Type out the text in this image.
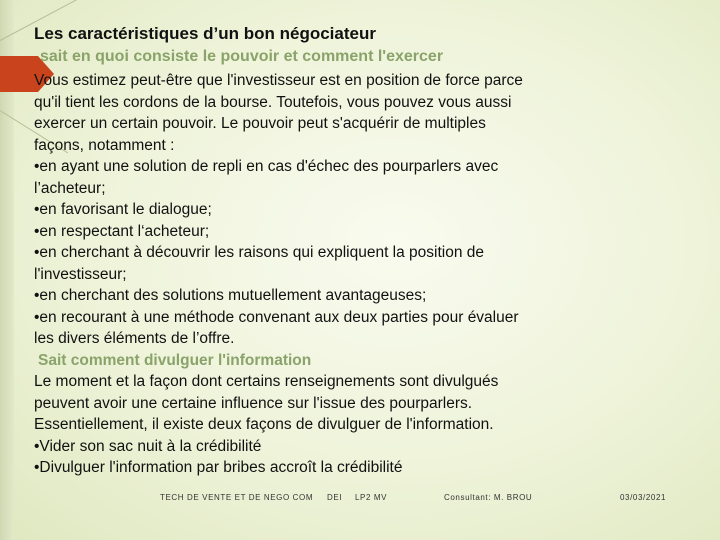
Les caractéristiques d’un bon négociateur
sait en quoi consiste le pouvoir et comment l'exercer
Vous estimez peut-être que l'investisseur est en position de force parce
qu'il tient les cordons de la bourse. Toutefois, vous pouvez vous aussi
exercer un certain pouvoir. Le pouvoir peut s'acquérir de multiples
façons, notamment :
•en ayant une solution de repli en cas d'échec des pourparlers avec
l’acheteur;
•en favorisant le dialogue;
•en respectant l‘acheteur;
•en cherchant à découvrir les raisons qui expliquent la position de
l'investisseur;
•en cherchant des solutions mutuellement avantageuses;
•en recourant à une méthode convenant aux deux parties pour évaluer
les divers éléments de l’offre.
Sait comment divulguer l'information
Le moment et la façon dont certains renseignements sont divulgués
peuvent avoir une certaine influence sur l'issue des pourparlers.
Essentiellement, il existe deux façons de divulguer de l'information.
•Vider son sac nuit à la crédibilité
•Divulguer l'information par bribes accroît la crédibilité
TECH DE VENTE ET DE NEGO COM DEI LP2 MV	Consultant: M. BROU	03/03/2021
